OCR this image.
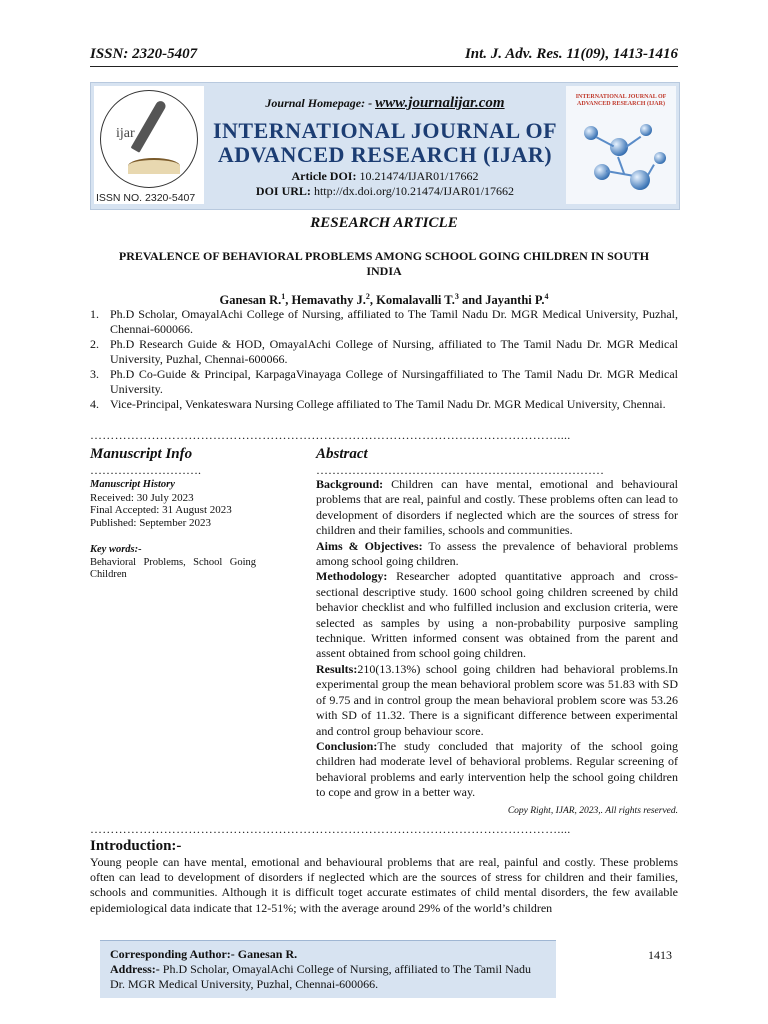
ISSN: 2320-5407	Int. J. Adv. Res. 11(09), 1413-1416
ijar
ISSN NO. 2320-5407
Journal Homepage: - www.journalijar.com
INTERNATIONAL JOURNAL OF
ADVANCED RESEARCH (IJAR)
Article DOI: 10.21474/IJAR01/17662
DOI URL: http://dx.doi.org/10.21474/IJAR01/17662
INTERNATIONAL JOURNAL OF ADVANCED RESEARCH (IJAR)
RESEARCH ARTICLE
PREVALENCE OF BEHAVIORAL PROBLEMS AMONG SCHOOL GOING CHILDREN IN SOUTH INDIA
Ganesan R.$^1$, Hemavathy J.$^2$, Komalavalli T.$^3$ and Jayanthi P.$^4$
1. Ph.D Scholar, OmayalAchi College of Nursing, affiliated to The Tamil Nadu Dr. MGR Medical University, Puzhal, Chennai-600066.
2. Ph.D Research Guide & HOD, OmayalAchi College of Nursing, affiliated to The Tamil Nadu Dr. MGR Medical University, Puzhal, Chennai-600066.
3. Ph.D Co-Guide & Principal, KarpagaVinayaga College of Nursingaffiliated to The Tamil Nadu Dr. MGR Medical University.
4. Vice-Principal, Venkateswara Nursing College affiliated to The Tamil Nadu Dr. MGR Medical University, Chennai.
……………………………………………………………………………………………………....
Manuscript Info	Abstract
……………………….	………………………………………………………………
Manuscript History
Received: 30 July 2023
Final Accepted: 31 August 2023
Published: September 2023
Key words:-
Behavioral Problems, School Going Children

Background: Children can have mental, emotional and behavioural problems that are real, painful and costly. These problems often can lead to development of disorders if neglected which are the sources of stress for children and their families, schools and communities.

Aims & Objectives: To assess the prevalence of behavioral problems among school going children.

Methodology: Researcher adopted quantitative approach and cross-sectional descriptive study. 1600 school going children screened by child behavior checklist and who fulfilled inclusion and exclusion criteria, were selected as samples by using a non-probability purposive sampling technique. Written informed consent was obtained from the parent and assent obtained from school going children.

Results:210(13.13%) school going children had behavioral problems.In experimental group the mean behavioral problem score was 51.83 with SD of 9.75 and in control group the mean behavioral problem score was 53.26 with SD of 11.32. There is a significant difference between experimental and control group behaviour score.

Conclusion:The study concluded that majority of the school going children had moderate level of behavioral problems. Regular screening of behavioral problems and early intervention help the school going children to cope and grow in a better way.

Copy Right, IJAR, 2023,. All rights reserved.
……………………………………………………………………………………………………....
Introduction:-
Young people can have mental, emotional and behavioural problems that are real, painful and costly. These problems often can lead to development of disorders if neglected which are the sources of stress for children and their families, schools and communities. Although it is difficult toget accurate estimates of child mental disorders, the few available epidemiological data indicate that 12-51%; with the average around 29% of the world’s children
Corresponding Author:- Ganesan R.
Address:- Ph.D Scholar, OmayalAchi College of Nursing, affiliated to The Tamil Nadu Dr. MGR Medical University, Puzhal, Chennai-600066.
1413
